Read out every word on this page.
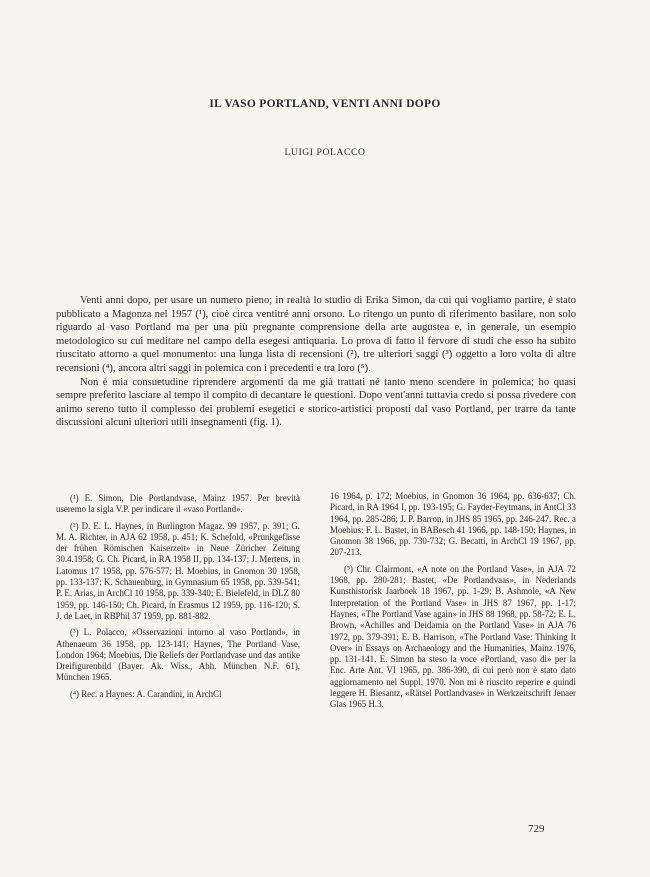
IL VASO PORTLAND, VENTI ANNI DOPO
LUIGI POLACCO

Venti anni dopo, per usare un numero pieno; in realtà lo studio di Erika Simon, da cui qui vogliamo partire, è stato pubblicato a Magonza nel 1957 (¹), cioè circa ventitré anni orsono. Lo ritengo un punto di riferimento basilare, non solo riguardo al vaso Portland ma per una più pregnante comprensione della arte augustea e, in generale, un esempio metodologico su cui meditare nel campo della esegesi antiquaria. Lo prova di fatto il fervore di studi che esso ha subito riuscitato attorno a quel monumento: una lunga lista di recensioni (²), tre ulteriori saggi (³) oggetto a loro volta di altre recensioni (⁴), ancora altri saggi in polemica con i precedenti e tra loro (⁵).

Non è mia consuetudine riprendere argomenti da me già trattati né tanto meno scendere in polemica; ho quasi sempre preferito lasciare al tempo il compito di decantare le questioni. Dopo vent'anni tuttavia credo si possa rivedere con animo sereno tutto il complesso dei problemi esegetici e storico-artistici proposti dal vaso Portland, per trarre da tante discussioni alcuni ulteriori utili insegnamenti (fig. 1).

(¹) E. Simon, Die Portlandvase, Mainz 1957. Per brevità useremo la sigla V.P. per indicare il «vaso Portland».

(²) D. E. L. Haynes, in Burlington Magaz. 99 1957, p. 391; G. M. A. Richter, in AJA 62 1958, p. 451; K. Schefold, «Prunkgefässe der frühen Römischen Kaiserzeit» in Neue Züricher Zeitung 30.4.1958; G. Ch. Picard, in RA 1958 II, pp. 134-137; J. Mertens, in Latomus 17 1958, pp. 576-577; H. Moebius, in Gnomon 30 1958, pp. 133-137; K. Schauenburg, in Gymnasium 65 1958, pp. 539-541; P. E. Arias, in ArchCl 10 1958, pp. 339-340; E. Bielefeld, in DLZ 80 1959, pp. 146-150; Ch. Picard, in Erasmus 12 1959, pp. 116-120; S. J. de Laet, in RBPhil 37 1959, pp. 881-882.

(³) L. Polacco, «Osservazioni intorno al vaso Portland», in Athenaeum 36 1958, pp. 123-141; Haynes, The Portland Vase, London 1964; Moebius, Die Reliefs der Portlandvase und das antike Dreifigurenbild (Bayer. Ak. Wiss., Abh. München N.F. 61), München 1965.

(⁴) Rec. a Haynes: A. Carandini, in ArchCl

16 1964, p. 172; Moebius, in Gnomon 36 1964, pp. 636-637; Ch. Picard, in RA 1964 I, pp. 193-195; G. Fayder-Feytmans, in AntCl 33 1964, pp. 285-286; J. P. Barron, in JHS 85 1965, pp. 246-247. Rec. a Moebius: F. L. Bastet, in BABesch 41 1966, pp. 148-150; Haynes, in Gnomon 38 1966, pp. 730-732; G. Becatti, in ArchCl 19 1967, pp. 207-213.

(⁵) Chr. Clairmont, «A note on the Portland Vase», in AJA 72 1968, pp. 280-281; Bastet, «De Portlandvaas», in Nederlands Kunsthistorisk Jaarboek 18 1967, pp. 1-29; B. Ashmole, «A New Interpretation of the Portland Vase» in JHS 87 1967, pp. 1-17; Haynes, «The Portland Vase again» in JHS 88 1968, pp. 58-72; E. L. Brown, «Achilles and Deidamia on the Portland Vase» in AJA 76 1972, pp. 379-391; E. B. Harrison, «The Portland Vase: Thinking It Over» in Essays on Archaeology and the Humanities, Mainz 1976, pp. 131-141. E. Simon ha steso la voce «Portland, vaso di» per la Enc. Arte Ant. VI 1965, pp. 386-390, di cui però non è stato dato aggiornamento nel Suppl. 1970. Non mi è riuscito reperire e quindi leggere H. Biesantz, «Rätsel Portlandvase» in Werkzeitschrift Jenaer Glas 1965 H.3.

729
